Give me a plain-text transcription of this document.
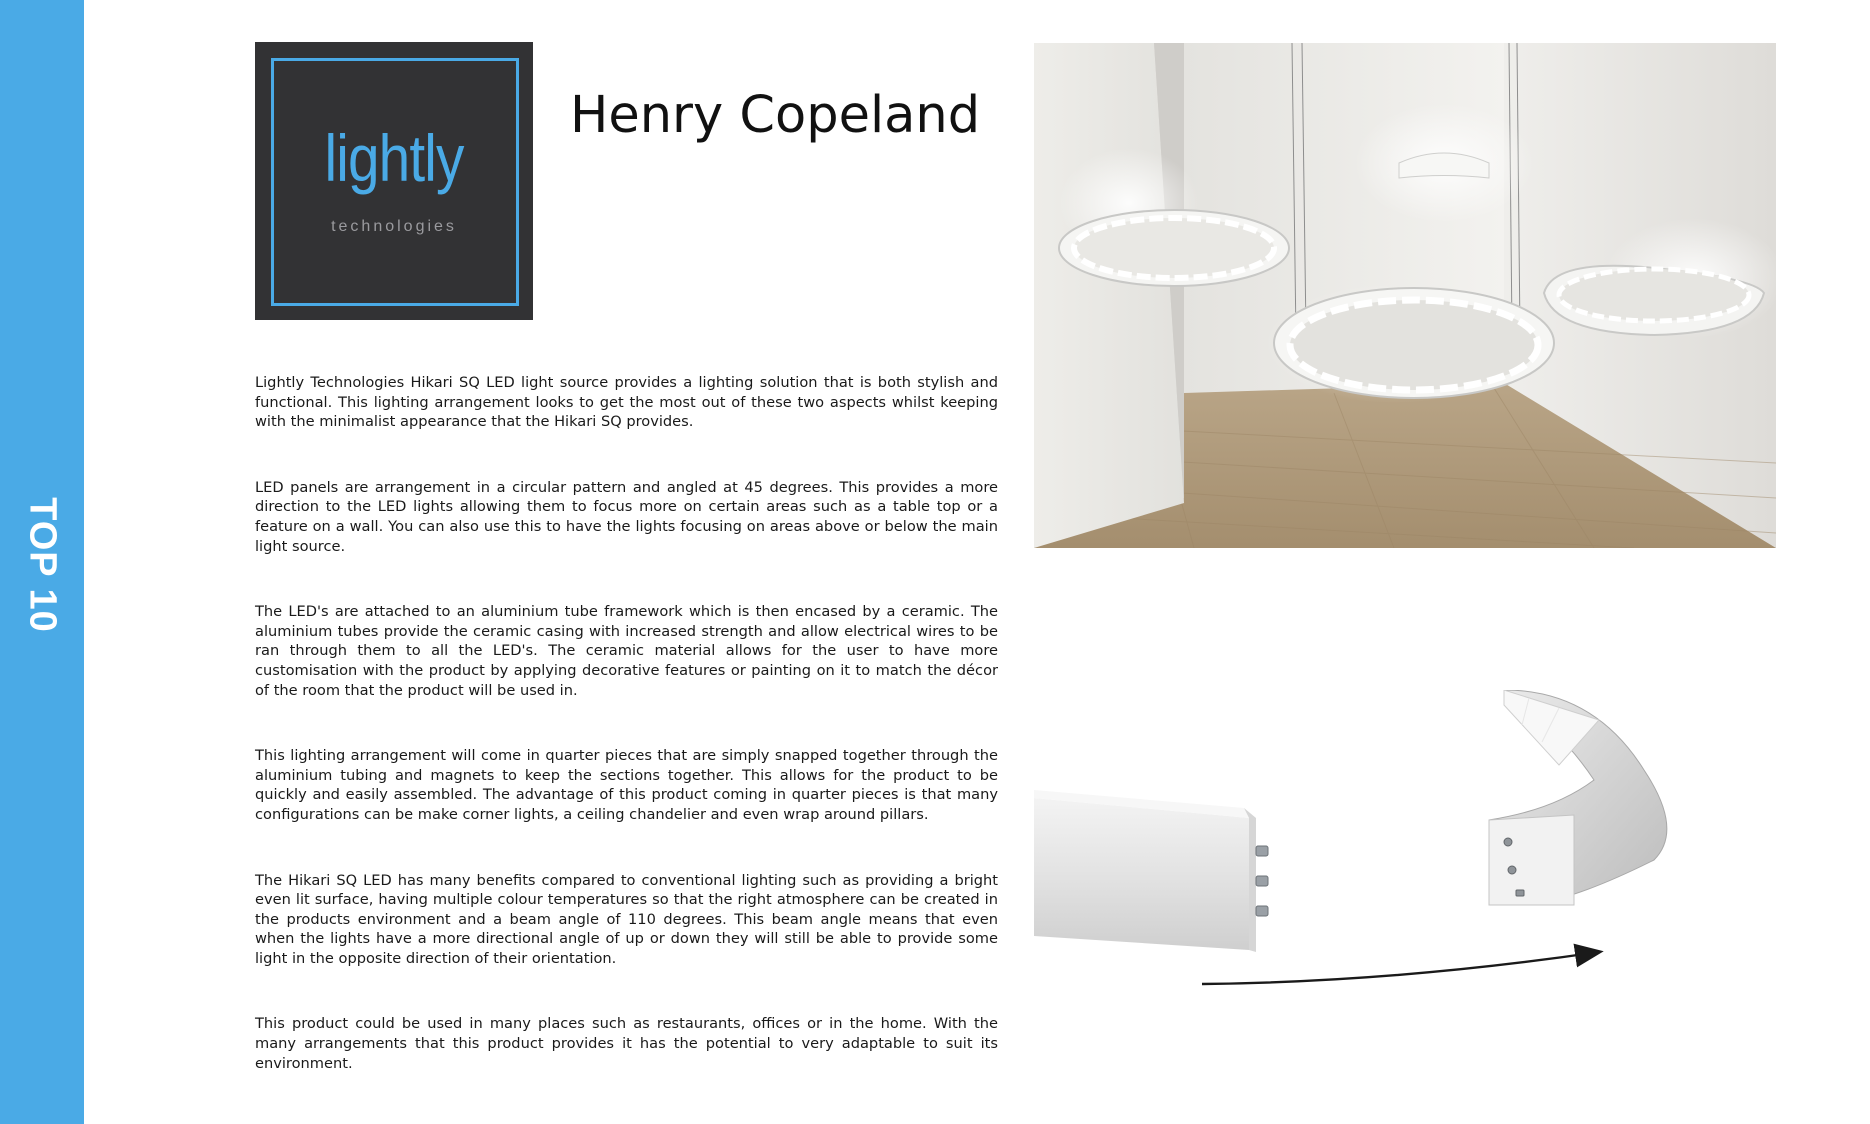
TOP 10
lightly
technologies
Henry Copeland

Lightly Technologies Hikari SQ LED light source provides a lighting solution that is both stylish and functional. This lighting arrangement looks to get the most out of these two aspects whilst keeping with the minimalist appearance that the Hikari SQ provides.

LED panels are arrangement in a circular pattern and angled at 45 degrees. This provides a more direction to the LED lights allowing them to focus more on certain areas such as a table top or a feature on a wall. You can also use this to have the lights focusing on areas above or below the main light source.

The LED's are attached to an aluminium tube framework which is then encased by a ceramic. The aluminium tubes provide the ceramic casing with increased strength and allow electrical wires to be ran through them to all the LED's. The ceramic material allows for the user to have more customisation with the product by applying decorative features or painting on it to match the décor of the room that the product will be used in.

This lighting arrangement will come in quarter pieces that are simply snapped together through the aluminium tubing and magnets to keep the sections together. This allows for the product to be quickly and easily assembled. The advantage of this product coming in quarter pieces is that many configurations can be make corner lights, a ceiling chandelier and even wrap around pillars.

The Hikari SQ LED has many benefits compared to conventional lighting such as providing a bright even lit surface, having multiple colour temperatures so that the right atmosphere can be created in the products environment and a beam angle of 110 degrees. This beam angle means that even when the lights have a more directional angle of up or down they will still be able to provide some light in the opposite direction of their orientation.

This product could be used in many places such as restaurants, offices or in the home. With the many arrangements that this product provides it has the potential to very adaptable to suit its environment.
